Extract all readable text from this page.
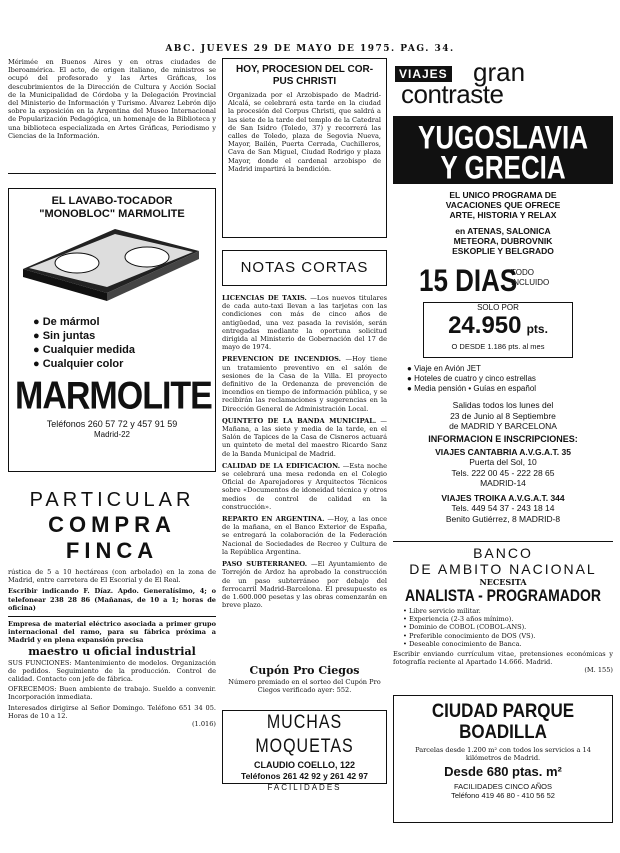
ABC. JUEVES 29 DE MAYO DE 1975. PAG. 34.

Mérimée en Buenos Aires y en otras ciudades de Iberoamérica. El acto, de origen italiano, de ministros se ocupó del profesorado y las Artes Gráficas, los descubrimientos de la Dirección de Cultura y Acción Social de la Municipalidad de Córdoba y la Delegación Provincial del Ministerio de Información y Turismo. Álvarez Lebrón dijo sobre la exposición en la Argentina del Museo Internacional de Popularización Pedagógica, un homenaje de la Biblioteca y una biblioteca especializada en Artes Gráficas, Periodismo y Ciencias de la Información.

EL LAVABO-TOCADOR
"MONOBLOC" MARMOLITE
● De mármol
● Sin juntas
● Cualquier medida
● Cualquier color
MARMOLITE
Teléfonos 260 57 72 y 457 91 59
Madrid-22
PARTICULAR
COMPRA
FINCA

rústica de 5 a 10 hectáreas (con arbolado) en la zona de Madrid, entre carretera de El Escorial y de El Real.

Escribir indicando F. Díaz. Apdo. Generalísimo, 4; o telefonear 238 28 86 (Mañanas, de 10 a 1; horas de oficina)

Empresa de material eléctrico asociada a primer grupo internacional del ramo, para su fábrica próxima a Madrid y en plena expansión precisa

maestro u oficial industrial

SUS FUNCIONES: Mantenimiento de modelos. Organización de pedidos. Seguimiento de la producción. Control de calidad. Contacto con jefe de fábrica.

OFRECEMOS: Buen ambiente de trabajo. Sueldo a convenir. Incorporación inmediata.

Interesados dirigirse al Señor Domingo. Teléfono 651 34 05. Horas de 10 a 12.

(1.016)

HOY, PROCESION DEL COR-
PUS CHRISTI

Organizada por el Arzobispado de Madrid-Alcalá, se celebrará esta tarde en la ciudad la procesión del Corpus Christi, que saldrá a las siete de la tarde del templo de la Catedral de San Isidro (Toledo, 37) y recorrerá las calles de Toledo, plaza de Segovia Nueva, Mayor, Bailén, Puerta Cerrada, Cuchilleros, Cava de San Miguel, Ciudad Rodrigo y plaza Mayor, donde el cardenal arzobispo de Madrid impartirá la bendición.

NOTAS CORTAS

LICENCIAS DE TAXIS. —Los nuevos titulares de cada auto-taxi llevan a las tarjetas con las condiciones con más de cinco años de antigüedad, una vez pasada la revisión, serán entregadas mediante la oportuna solicitud dirigida al Ministerio de Gobernación del 17 de mayo de 1974.

PREVENCION DE INCENDIOS. —Hoy tiene un tratamiento preventivo en el salón de sesiones de la Casa de la Villa. El proyecto definitivo de la Ordenanza de prevención de incendios en tiempo de información pública, y se recibirán las reclamaciones y sugerencias en la Dirección General de Administración Local.

QUINTETO DE LA BANDA MUNICIPAL. —Mañana, a las siete y media de la tarde, en el Salón de Tapices de la Casa de Cisneros actuará un quinteto de metal del maestro Ricardo Sanz de la Banda Municipal de Madrid.

CALIDAD DE LA EDIFICACION. —Esta noche se celebrará una mesa redonda en el Colegio Oficial de Aparejadores y Arquitectos Técnicos sobre «Documentos de idoneidad técnica y otros medios de control de calidad en la construcción».

REPARTO EN ARGENTINA. —Hoy, a las once de la mañana, en el Banco Exterior de España, se entregará la colaboración de la Federación Nacional de Sociedades de Recreo y Cultura de la República Argentina.

PASO SUBTERRANEO. —El Ayuntamiento de Torrejón de Ardoz ha aprobado la construcción de un paso subterráneo por debajo del ferrocarril Madrid-Barcelona. El presupuesto es de 1.600.000 pesetas y las obras comenzarán en breve plazo.

Cupón Pro Ciegos

Número premiado en el sorteo del Cupón Pro Ciegos verificado ayer: 552.

MUCHAS MOQUETAS
CLAUDIO COELLO, 122
Teléfonos 261 42 92 y 261 42 97
FACILIDADES
VIAJES gran
contraste
YUGOSLAVIA
Y GRECIA
EL UNICO PROGRAMA DE
VACACIONES QUE OFRECE
ARTE, HISTORIA Y RELAX
en ATENAS, SALONICA
METEORA, DUBROVNIK
ESKOPLIE Y BELGRADO
15 DIAS
TODO
INCLUIDO
SOLO POR
24.950 pts.
O DESDE 1.186 pts. al mes
● Viaje en Avión JET
● Hoteles de cuatro y cinco estrellas
● Media pensión • Guías en español
Salidas todos los lunes del
23 de Junio al 8 Septiembre
de MADRID Y BARCELONA
INFORMACION E INSCRIPCIONES:
VIAJES CANTABRIA A.V.G.A.T. 35
Puerta del Sol, 10
Tels. 222 00 45 - 222 28 65
MADRID-14
VIAJES TROIKA A.V.G.A.T. 344
Tels. 449 54 37 - 243 18 14
Benito Gutiérrez, 8 MADRID-8
BANCO
DE AMBITO NACIONAL
NECESITA
ANALISTA - PROGRAMADOR
• Libre servicio militar.
• Experiencia (2-3 años mínimo).
• Dominio de COBOL (COBOL-ANS).
• Preferible conocimiento de DOS (VS).
• Deseable conocimiento de Banca.

Escribir enviando currículum vitae, pretensiones económicas y fotografía reciente al Apartado 14.666. Madrid.

(M. 155)

CIUDAD PARQUE
BOADILLA

Parcelas desde 1.200 m² con todos los servicios a 14 kilómetros de Madrid.

Desde 680 ptas. m²
FACILIDADES CINCO AÑOS
Teléfono 419 46 80 - 410 56 52
